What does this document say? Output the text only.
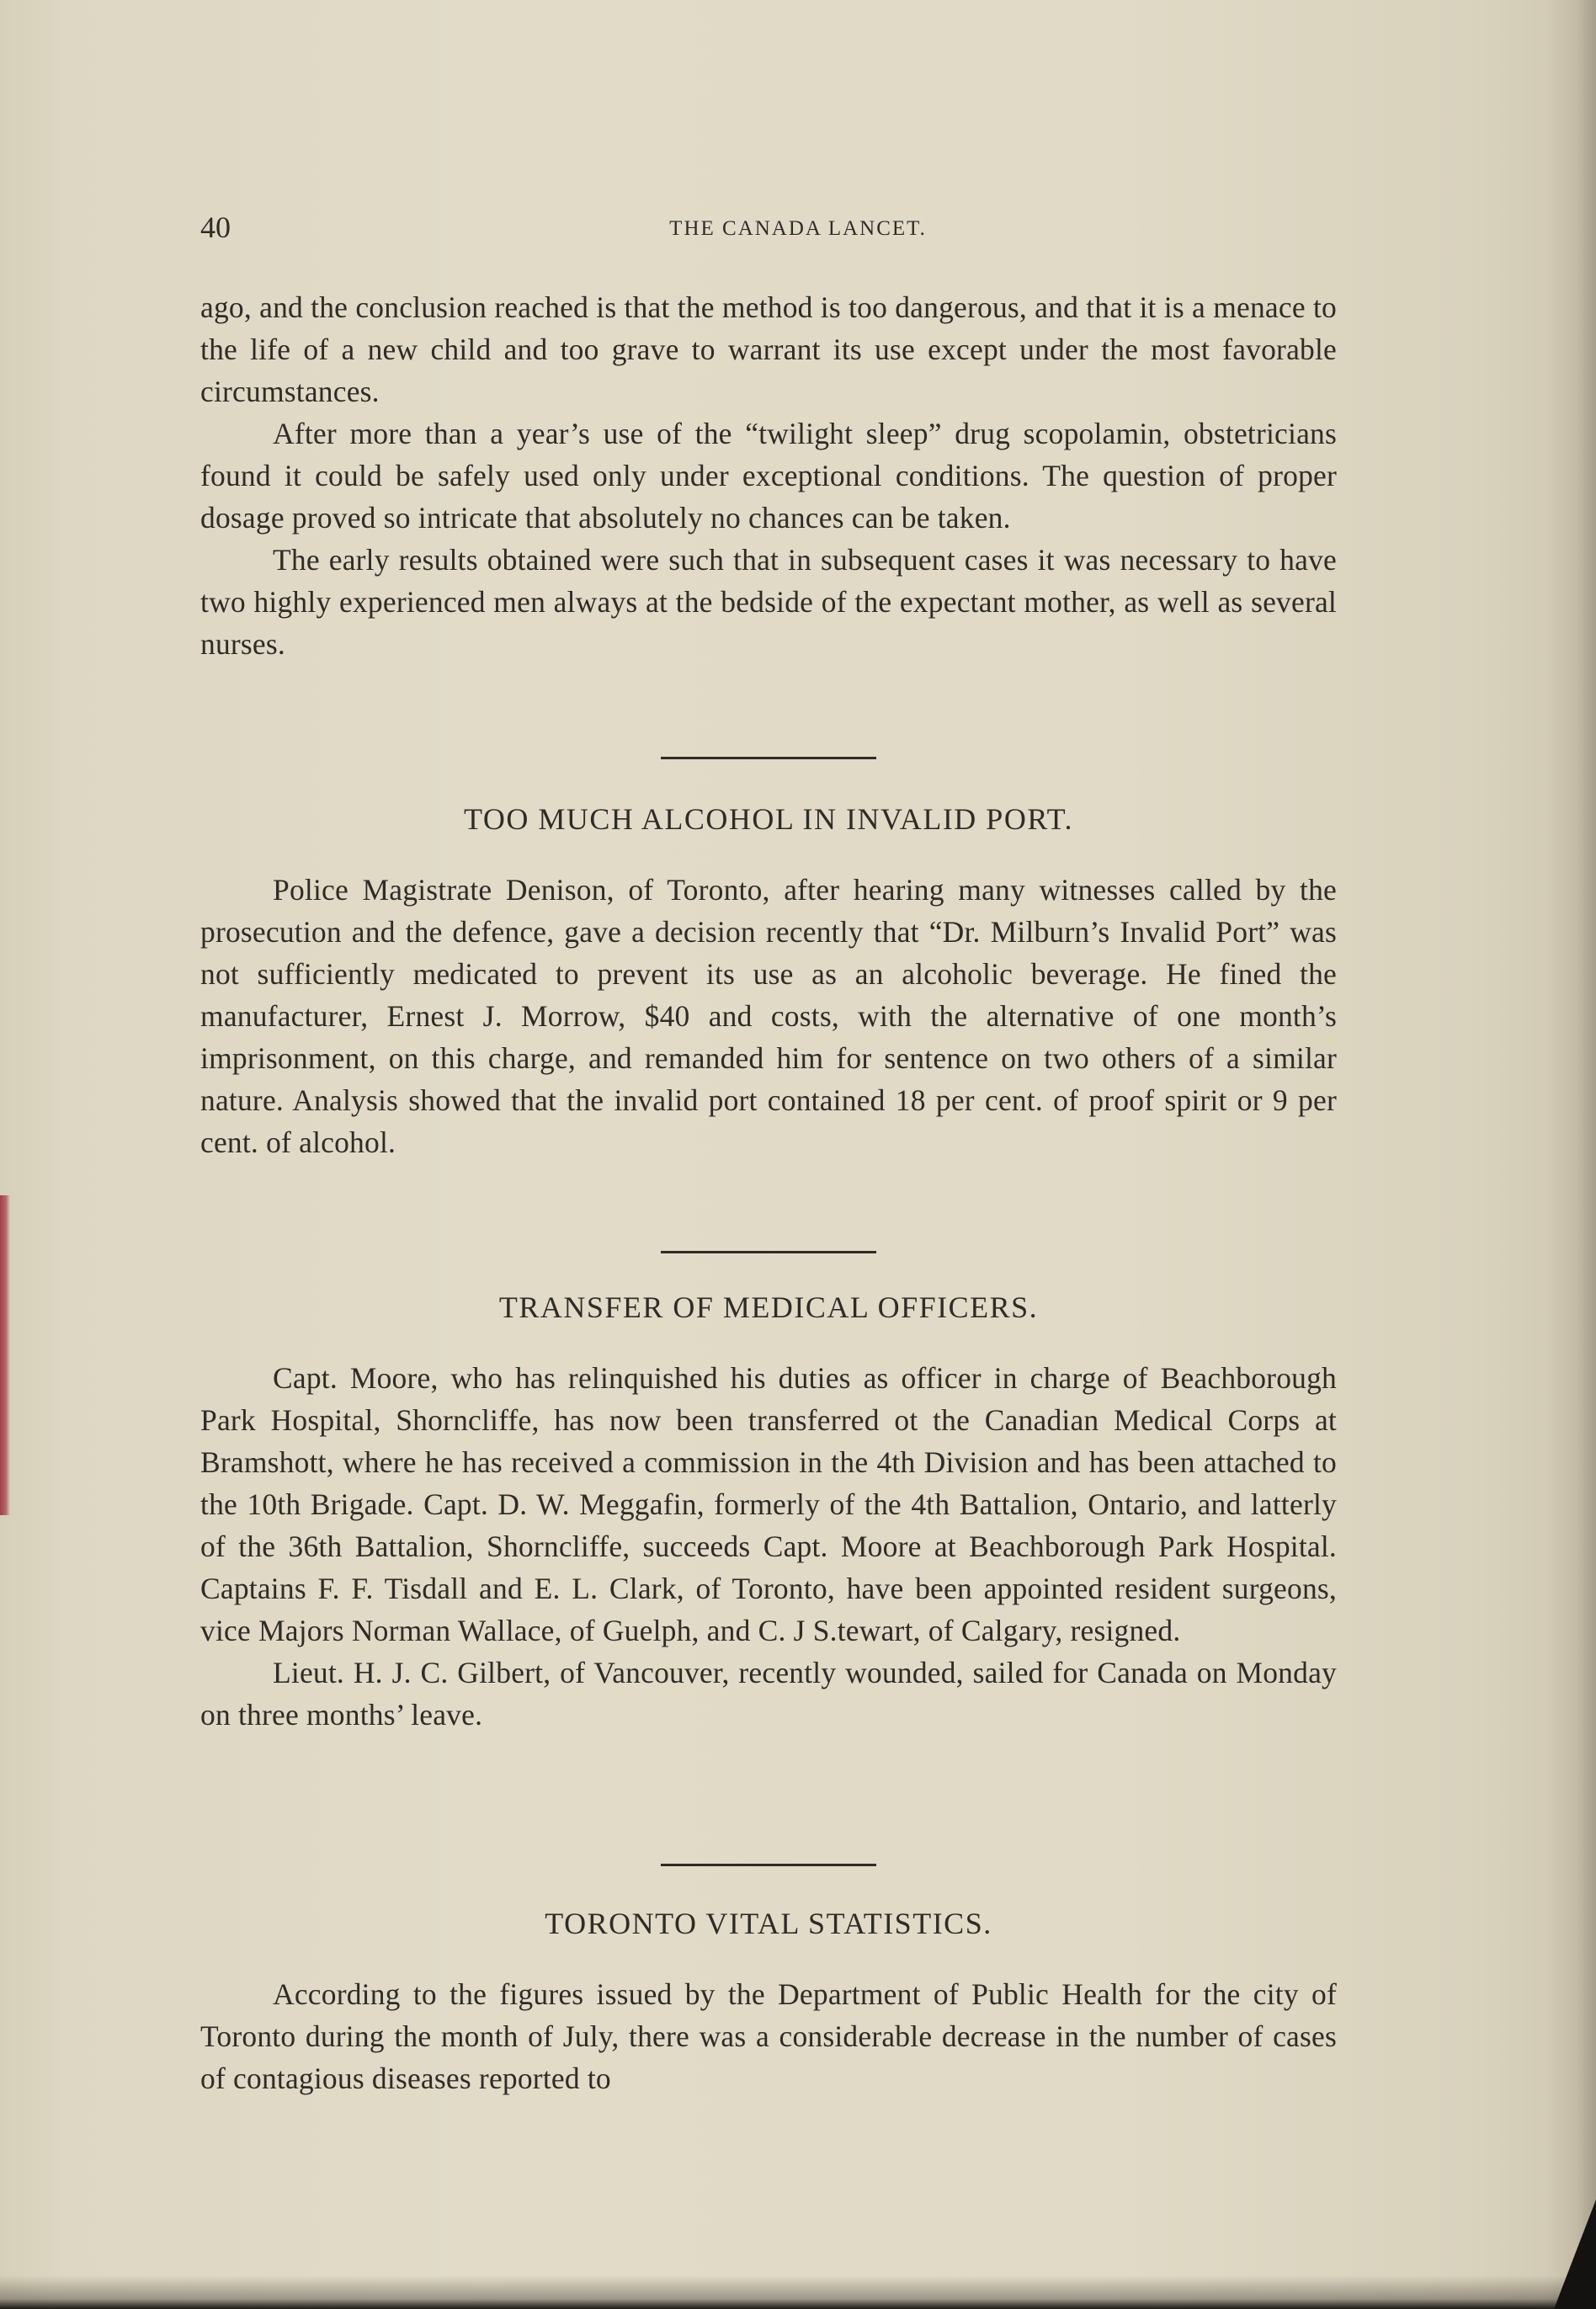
40	THE CANADA LANCET.

ago, and the conclusion reached is that the method is too dangerous, and that it is a menace to the life of a new child and too grave to warrant its use except under the most favorable circumstances.

After more than a year’s use of the “twilight sleep” drug scopolamin, obstetricians found it could be safely used only under exceptional conditions. The question of proper dosage proved so intricate that absolutely no chances can be taken.

The early results obtained were such that in subsequent cases it was necessary to have two highly experienced men always at the bedside of the expectant mother, as well as several nurses.

TOO MUCH ALCOHOL IN INVALID PORT.

Police Magistrate Denison, of Toronto, after hearing many witnesses called by the prosecution and the defence, gave a decision recently that “Dr. Milburn’s Invalid Port” was not sufficiently medicated to prevent its use as an alcoholic beverage. He fined the manufacturer, Ernest J. Morrow, $40 and costs, with the alternative of one month’s imprisonment, on this charge, and remanded him for sentence on two others of a similar nature. Analysis showed that the invalid port contained 18 per cent. of proof spirit or 9 per cent. of alcohol.

TRANSFER OF MEDICAL OFFICERS.

Capt. Moore, who has relinquished his duties as officer in charge of Beachborough Park Hospital, Shorncliffe, has now been transferred ot the Canadian Medical Corps at Bramshott, where he has received a commission in the 4th Division and has been attached to the 10th Brigade. Capt. D. W. Meggafin, formerly of the 4th Battalion, Ontario, and latterly of the 36th Battalion, Shorncliffe, succeeds Capt. Moore at Beachborough Park Hospital. Captains F. F. Tisdall and E. L. Clark, of Toronto, have been appointed resident surgeons, vice Majors Norman Wallace, of Guelph, and C. J S.tewart, of Calgary, resigned.

Lieut. H. J. C. Gilbert, of Vancouver, recently wounded, sailed for Canada on Monday on three months’ leave.

TORONTO VITAL STATISTICS.

According to the figures issued by the Department of Public Health for the city of Toronto during the month of July, there was a considerable decrease in the number of cases of contagious diseases reported to
